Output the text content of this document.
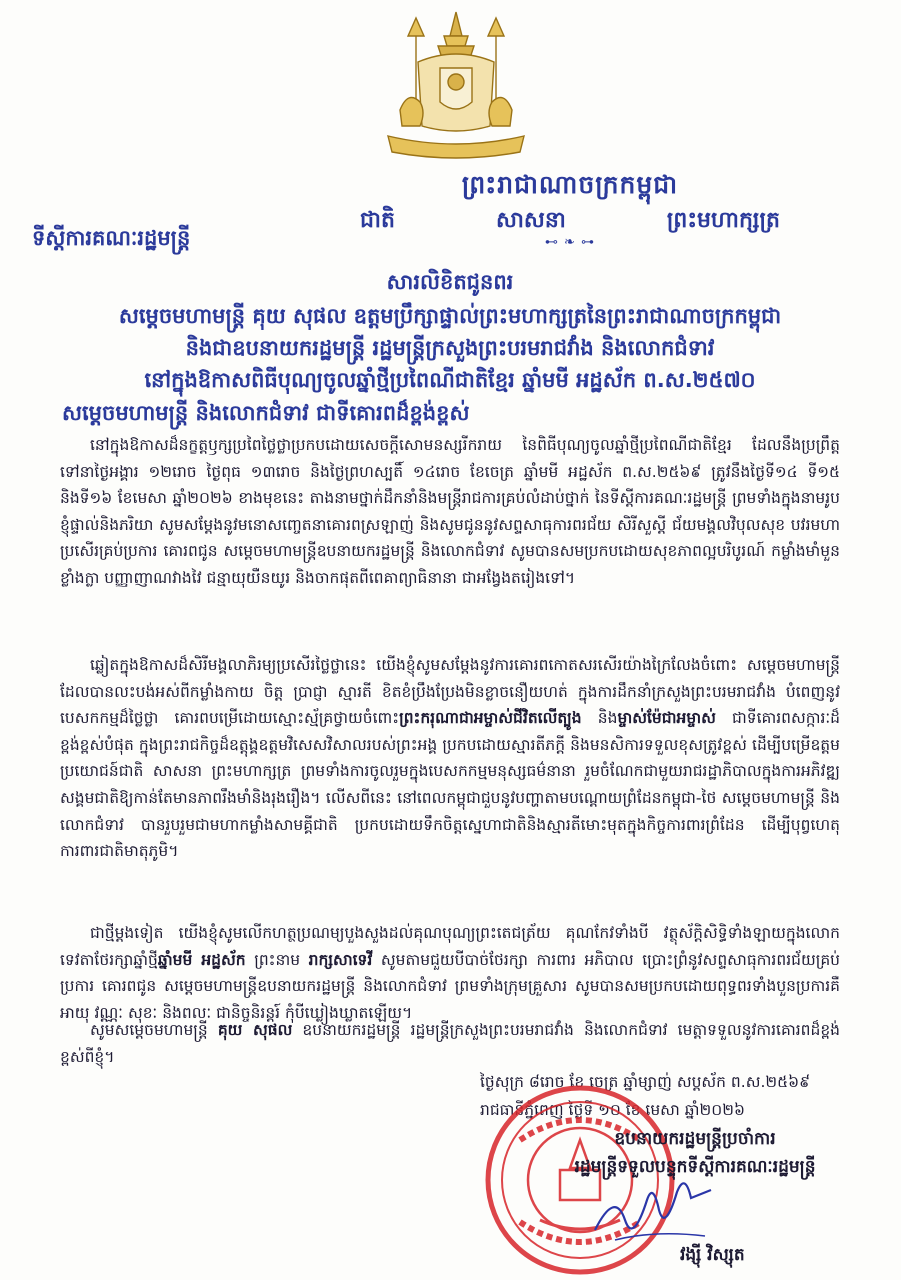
ព្រះរាជាណាចក្រកម្ពុជា
ជាតិ	សាសនា	ព្រះមហាក្សត្រ
⊷ ❧ ⊶
ទីស្ដីការគណៈរដ្ឋមន្ត្រី
សារលិខិតជូនពរ
សម្ដេចមហាមន្ត្រី គុយ សុផល ឧត្តមប្រឹក្សាផ្ទាល់ព្រះមហាក្សត្រនៃព្រះរាជាណាចក្រកម្ពុជា
និងជាឧបនាយករដ្ឋមន្ត្រី រដ្ឋមន្ត្រីក្រសួងព្រះបរមរាជវាំង និងលោកជំទាវ
នៅក្នុងឱកាសពិធីបុណ្យចូលឆ្នាំថ្មីប្រពៃណីជាតិខ្មែរ ឆ្នាំមមី អដ្ឋស័ក ព.ស.២៥៧០
សម្ដេចមហាមន្ត្រី និងលោកជំទាវ ជាទីគោរពដ៏ខ្ពង់ខ្ពស់
នៅក្នុងឱកាសដ៏នក្ខត្តឫក្សប្រពៃថ្លៃថ្លាប្រកបដោយសេចក្ដីសោមនស្សរីករាយ នៃពិធីបុណ្យចូលឆ្នាំថ្មីប្រពៃណីជាតិខ្មែរ ដែលនឹងប្រព្រឹត្តទៅនាថ្ងៃអង្គារ ១២រោច ថ្ងៃពុធ ១៣រោច និងថ្ងៃព្រហស្បតិ៍ ១៤រោច ខែចេត្រ ឆ្នាំមមី អដ្ឋស័ក ព.ស.២៥៦៩ ត្រូវនឹងថ្ងៃទី១៤ ទី១៥ និងទី១៦ ខែមេសា ឆ្នាំ២០២៦ ខាងមុខនេះ តាងនាមថ្នាក់ដឹកនាំនិងមន្ត្រីរាជការគ្រប់លំដាប់ថ្នាក់ នៃទីស្ដីការគណៈរដ្ឋមន្ត្រី ព្រមទាំងក្នុងនាមរូបខ្ញុំផ្ទាល់និងភរិយា សូមសម្ដែងនូវមនោសញ្ចេតនាគោរពស្រឡាញ់ និងសូមជូននូវសព្ទសាធុការពរជ័យ សិរីសួស្ដី ជ័យមង្គលវិបុលសុខ បវរមហាប្រសើរគ្រប់ប្រការ គោរពជូន សម្ដេចមហាមន្ត្រីឧបនាយករដ្ឋមន្ត្រី និងលោកជំទាវ សូមបានសមប្រកបដោយសុខភាពល្អបរិបូរណ៍ កម្លាំងមាំមួនខ្លាំងក្លា បញ្ញាញាណវាងវៃ ជន្មាយុយឺនយូរ និងចាកផុតពីពេគាព្យាធិនានា ជាអង្វែងតរៀងទៅ។
ឆ្លៀតក្នុងឱកាសដ៏សិរីមង្គលាភិរម្យប្រសើរថ្លៃថ្លានេះ យើងខ្ញុំសូមសម្ដែងនូវការគោរពកោតសរសើរយ៉ាងក្រៃលែងចំពោះ សម្ដេចមហាមន្ត្រី ដែលបានលះបង់អស់ពីកម្លាំងកាយ ចិត្ត ប្រាជ្ញា ស្មារតី ខិតខំប្រឹងប្រែងមិនខ្លាចនឿយហត់ ក្នុងការដឹកនាំក្រសួងព្រះបរមរាជវាំង បំពេញនូវបេសកកម្មដ៏ថ្លៃថ្លា គោរពបម្រើដោយស្មោះស្ម័គ្រថ្វាយចំពោះព្រះករុណាជាអម្ចាស់ជីវិតលើត្បូង និងម្ចាស់ម៉ែជាអម្ចាស់ ជាទីគោរពសក្ការៈដ៏ខ្ពង់ខ្ពស់បំផុត ក្នុងព្រះរាជកិច្ចដ៏ឧត្ដុង្គឧត្តមវិសេសវិសាលរបស់ព្រះអង្គ ប្រកបដោយស្មារតីភក្ដី និងមនសិការទទួលខុសត្រូវខ្ពស់ ដើម្បីបម្រើឧត្តមប្រយោជន៍ជាតិ សាសនា ព្រះមហាក្សត្រ ព្រមទាំងការចូលរួមក្នុងបេសកកម្មមនុស្សធម៌នានា រួមចំណែកជាមួយរាជរដ្ឋាភិបាលក្នុងការអភិវឌ្ឍសង្គមជាតិឱ្យកាន់តែមានភាពរឹងមាំនិងរុងរឿង។ លើសពីនេះ នៅពេលកម្ពុជាជួបនូវបញ្ហាតាមបណ្ដោយព្រំដែនកម្ពុជា-ថៃ សម្ដេចមហាមន្ត្រី និងលោកជំទាវ បានរួបរួមជាមហាកម្លាំងសាមគ្គីជាតិ ប្រកបដោយទឹកចិត្តស្នេហាជាតិនិងស្មារតីមោះមុតក្នុងកិច្ចការពារព្រំដែន ដើម្បីបុព្វហេតុការពារជាតិមាតុភូមិ។
ជាថ្មីម្ដងទៀត យើងខ្ញុំសូមលើកហត្ថប្រណម្យបួងសួងដល់គុណបុណ្យព្រះតេជត្រ័យ គុណកែវទាំងបី វត្ថុស័ក្ដិសិទ្ធិទាំងឡាយក្នុងលោក ទេវតាថែរក្សាឆ្នាំថ្មីឆ្នាំមមី អដ្ឋស័ក ព្រះនាម រាក្សសាទេវី សូមតាមជួយបីបាច់ថែរក្សា ការពារ អភិបាល ប្រោះព្រំនូវសព្ទសាធុការពរជ័យគ្រប់ប្រការ គោរពជូន សម្ដេចមហាមន្ត្រីឧបនាយករដ្ឋមន្ត្រី និងលោកជំទាវ ព្រមទាំងក្រុមគ្រួសារ សូមបានសមប្រកបដោយពុទ្ធពរទាំងបួនប្រការគឺ អាយុ វណ្ណៈ សុខៈ និងពលៈ ជានិច្ចនិរន្ដរ៍ កុំបីឃ្លៀងឃ្លាតឡើយ។
សូមសម្ដេចមហាមន្ត្រី គុយ សុផល ឧបនាយករដ្ឋមន្ត្រី រដ្ឋមន្ត្រីក្រសួងព្រះបរមរាជវាំង និងលោកជំទាវ មេត្តាទទួលនូវការគោរពដ៏ខ្ពង់ខ្ពស់ពីខ្ញុំ។
ថ្ងៃសុក្រ ៨រោច ខែ ចេត្រ ឆ្នាំម្សាញ់ សប្ដស័ក ព.ស.២៥៦៩
រាជធានីភ្នំពេញ ថ្ងៃទី ១០ ខែ មេសា ឆ្នាំ២០២៦
ឧបនាយករដ្ឋមន្ត្រីប្រចាំការ
រដ្ឋមន្ត្រីទទួលបន្ទុកទីស្ដីការគណៈរដ្ឋមន្ត្រី
វង្ស៊ី វិស្សុត
